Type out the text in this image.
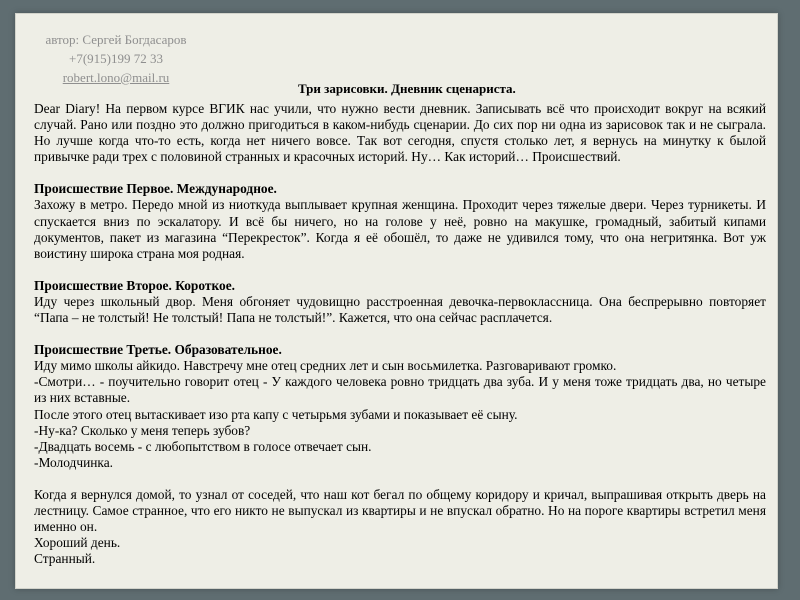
автор: Сергей Богдасаров
+7(915)199 72 33
robert.lono@mail.ru
Три зарисовки. Дневник сценариста.

Dear Diary! На первом курсе ВГИК нас учили, что нужно вести дневник. Записывать всё что происходит вокруг на всякий случай. Рано или поздно это должно пригодиться в каком-нибудь сценарии. До сих пор ни одна из зарисовок так и не сыграла. Но лучше когда что-то есть, когда нет ничего вовсе. Так вот сегодня, спустя столько лет, я вернусь на минутку к былой привычке ради трех с половиной странных и красочных историй. Ну… Как историй… Происшествий.

Происшествие Первое. Международное.

Захожу в метро. Передо мной из ниоткуда выплывает крупная женщина. Проходит через тяжелые двери. Через турникеты. И спускается вниз по эскалатору. И всё бы ничего, но на голове у неё, ровно на макушке, громадный, забитый кипами документов, пакет из магазина “Перекресток”. Когда я её обошёл, то даже не удивился тому, что она негритянка. Вот уж воистину широка страна моя родная.

Происшествие Второе. Короткое.

Иду через школьный двор. Меня обгоняет чудовищно расстроенная девочка-первоклассница. Она беспрерывно повторяет “Папа – не толстый! Не толстый! Папа не толстый!”. Кажется, что она сейчас расплачется.

Происшествие Третье. Образовательное.

Иду мимо школы айкидо. Навстречу мне отец средних лет и сын восьмилетка. Разговаривают громко.

-Смотри… - поучительно говорит отец - У каждого человека ровно тридцать два зуба. И у меня тоже тридцать два, но четыре из них вставные.

После этого отец вытаскивает изо рта капу с четырьмя зубами и показывает её сыну.

-Ну-ка? Сколько у меня теперь зубов?

-Двадцать восемь - с любопытством в голосе отвечает сын.

-Молодчинка.

Когда я вернулся домой, то узнал от соседей, что наш кот бегал по общему коридору и кричал, выпрашивая открыть дверь на лестницу. Самое странное, что его никто не выпускал из квартиры и не впускал обратно. Но на пороге квартиры встретил меня именно он.

Хороший день.

Странный.
